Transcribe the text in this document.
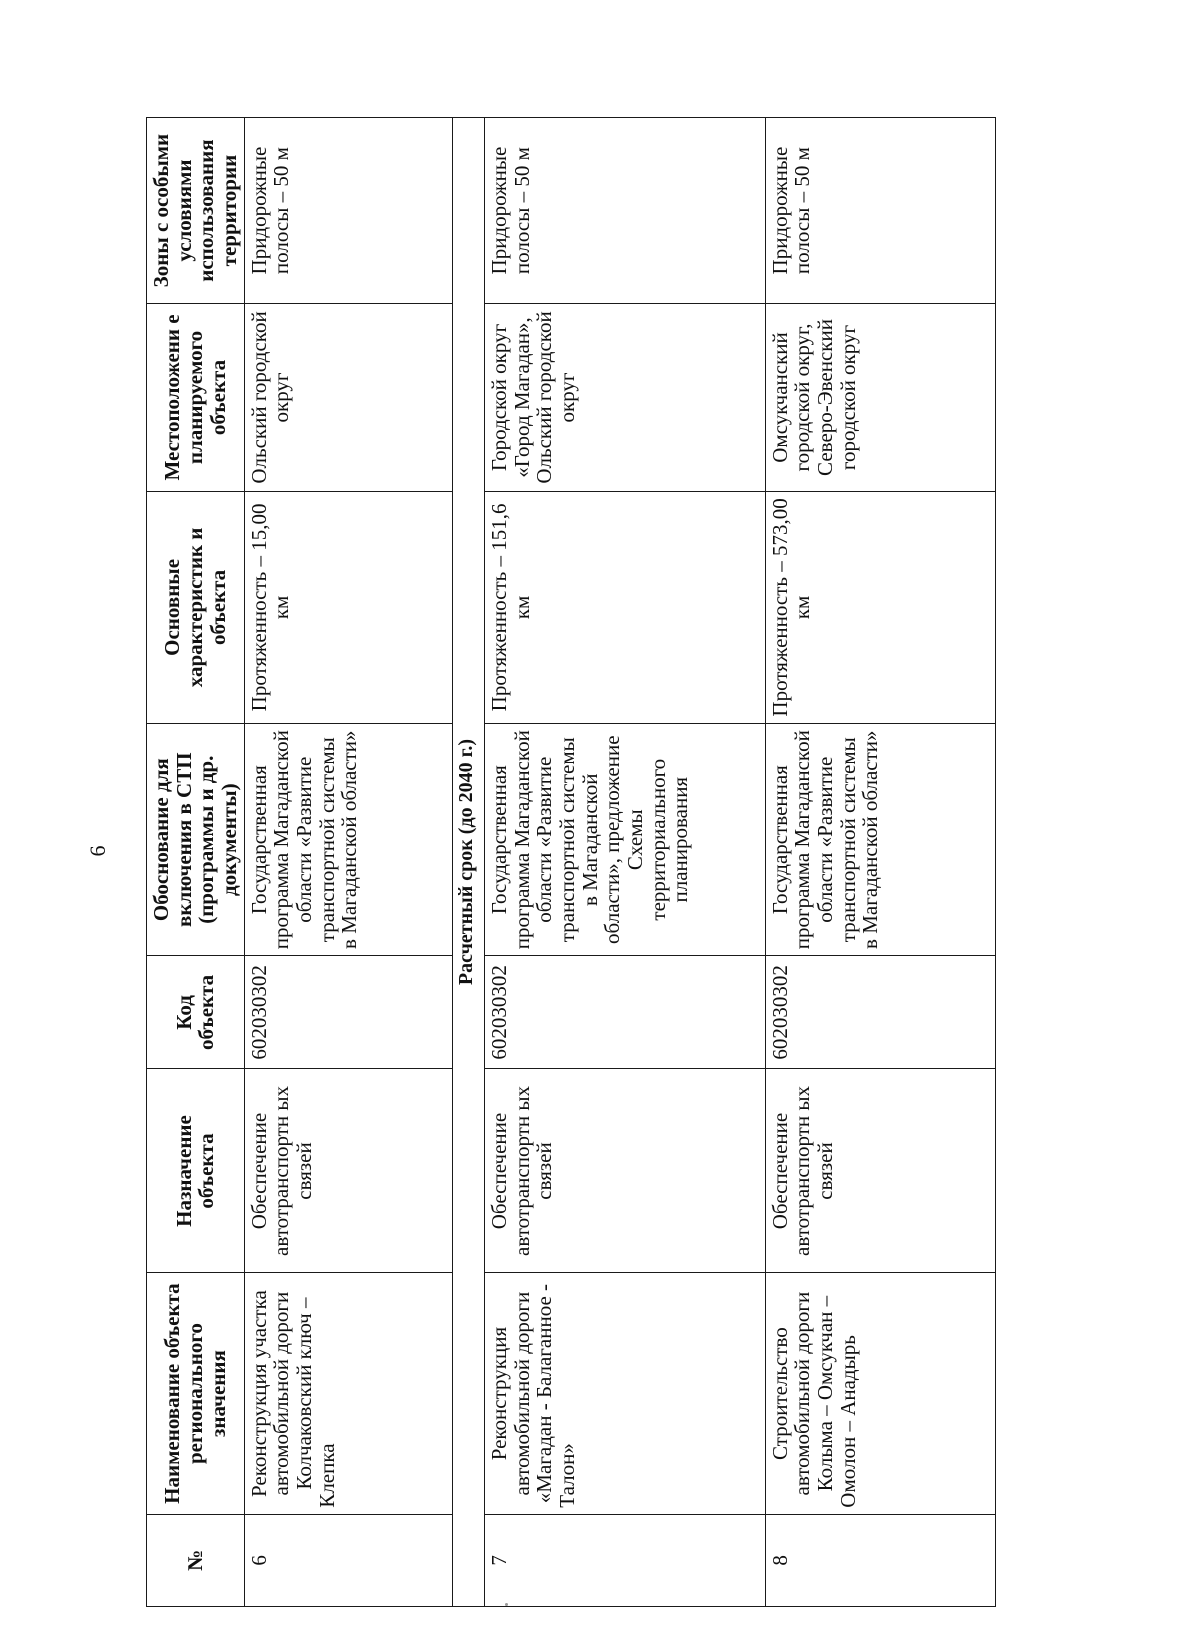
6
№	Наименование объекта регионального значения	Назначение объекта	Код объекта	Обоснование для включения в СТП (программы и др. документы)	Основные характеристик и объекта	Местоположени е планируемого объекта	Зоны с особыми условиями использования территории
6	Реконструкция участка автомобильной дороги Колчаковский ключ – Клепка	Обеспечение автотранспортн ых связей	602030302	Государственная программа Магаданской области «Развитие транспортной системы в Магаданской области»	Протяженность – 15,00 км	Ольский городской округ	Придорожные полосы – 50 м
Расчетный срок (до 2040 г.)							
7	Реконструкция автомобильной дороги «Магадан - Балаганное - Талон»	Обеспечение автотранспортн ых связей	602030302	Государственная программа Магаданской области «Развитие транспортной системы в Магаданской области», предложение Схемы территориального планирования	Протяженность – 151,6 км	Городской округ «Город Магадан», Ольский городской округ	Придорожные полосы – 50 м
8	Строительство автомобильной дороги Колыма – Омсукчан – Омолон – Анадырь	Обеспечение автотранспортн ых связей	602030302	Государственная программа Магаданской области «Развитие транспортной системы в Магаданской области»	Протяженность – 573,00 км	Омсукчанский городской округ, Северо-Эвенский городской округ	Придорожные полосы – 50 м
